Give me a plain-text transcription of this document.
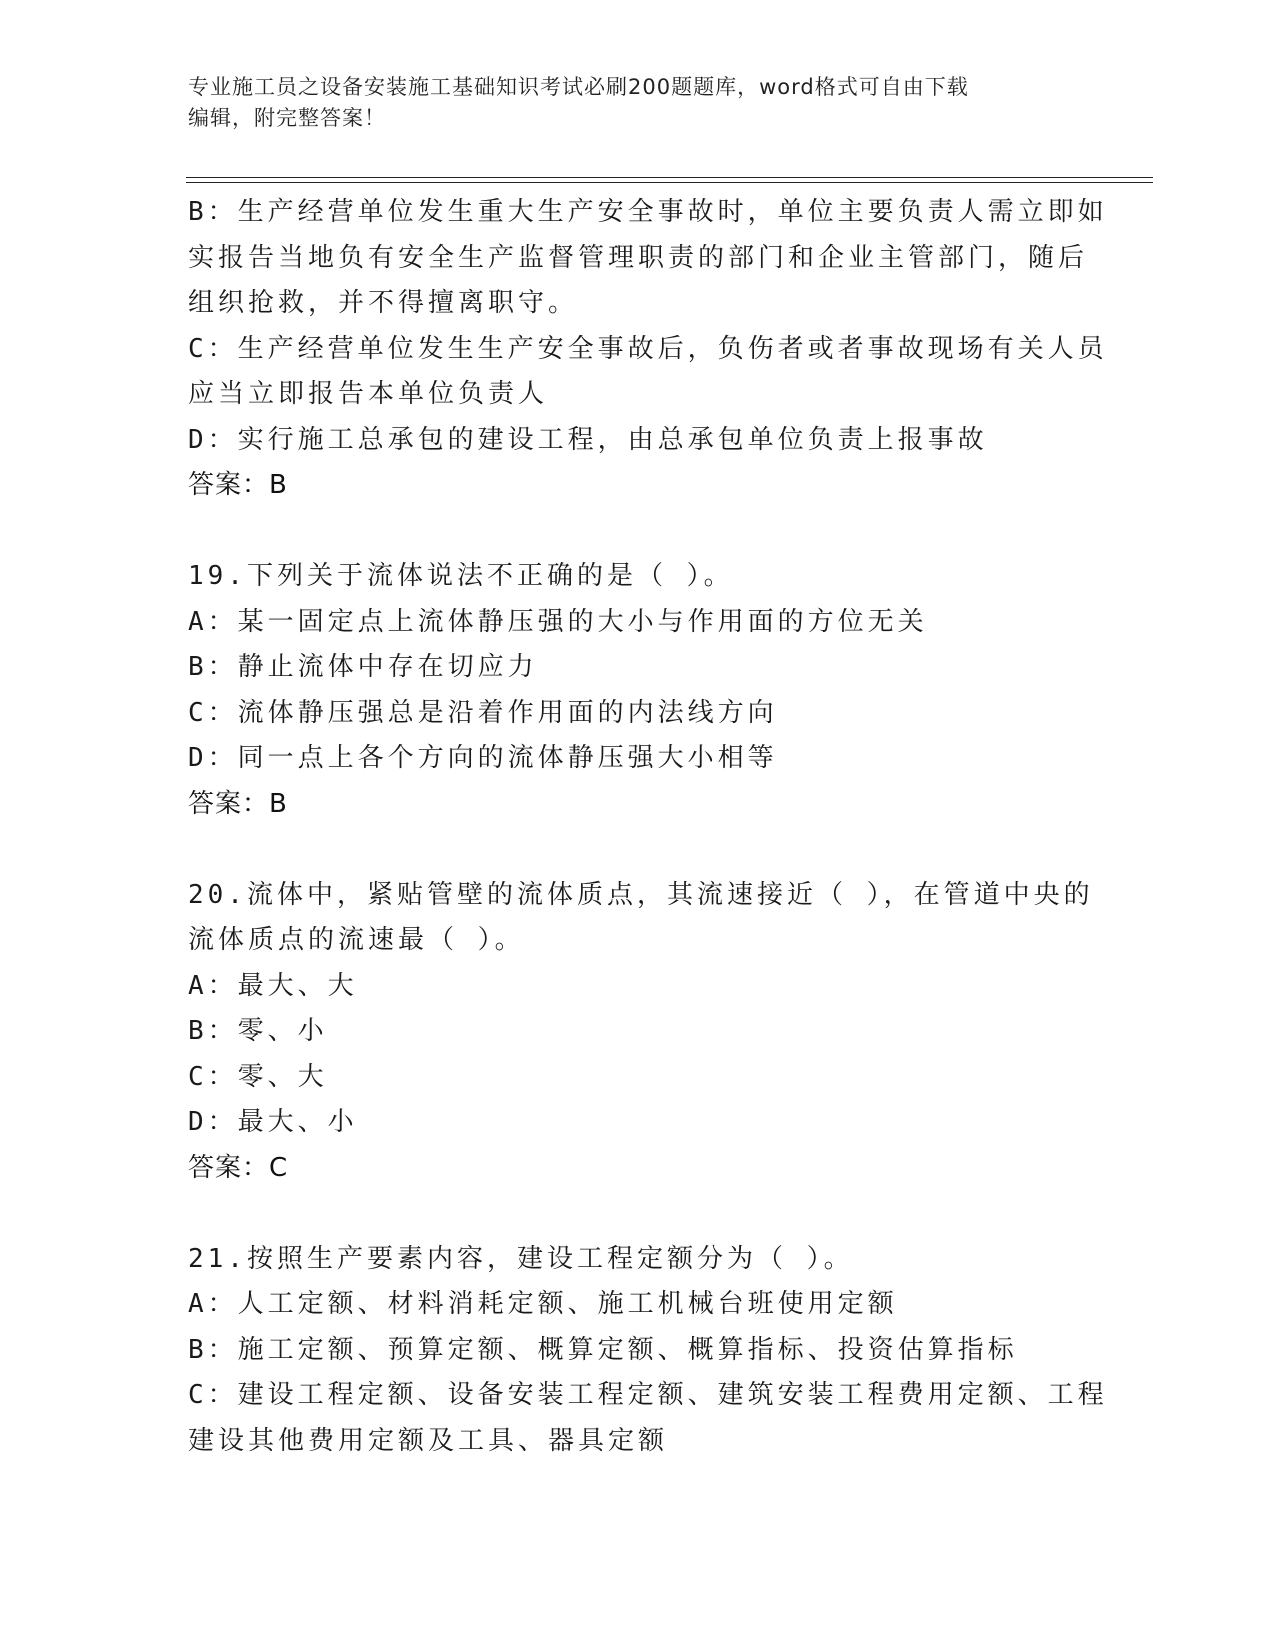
专业施工员之设备安装施工基础知识考试必刷200题题库，word格式可自由下载
编辑，附完整答案！
B：生产经营单位发生重大生产安全事故时，单位主要负责人需立即如
实报告当地负有安全生产监督管理职责的部门和企业主管部门，随后
组织抢救，并不得擅离职守。
C：生产经营单位发生生产安全事故后，负伤者或者事故现场有关人员
应当立即报告本单位负责人
D：实行施工总承包的建设工程，由总承包单位负责上报事故
答案：B
19.下列关于流体说法不正确的是（ ）。
A：某一固定点上流体静压强的大小与作用面的方位无关
B：静止流体中存在切应力
C：流体静压强总是沿着作用面的内法线方向
D：同一点上各个方向的流体静压强大小相等
答案：B
20.流体中，紧贴管壁的流体质点，其流速接近（ ），在管道中央的
流体质点的流速最（ ）。
A：最大、大
B：零、小
C：零、大
D：最大、小
答案：C
21.按照生产要素内容，建设工程定额分为（ ）。
A：人工定额、材料消耗定额、施工机械台班使用定额
B：施工定额、预算定额、概算定额、概算指标、投资估算指标
C：建设工程定额、设备安装工程定额、建筑安装工程费用定额、工程
建设其他费用定额及工具、器具定额
